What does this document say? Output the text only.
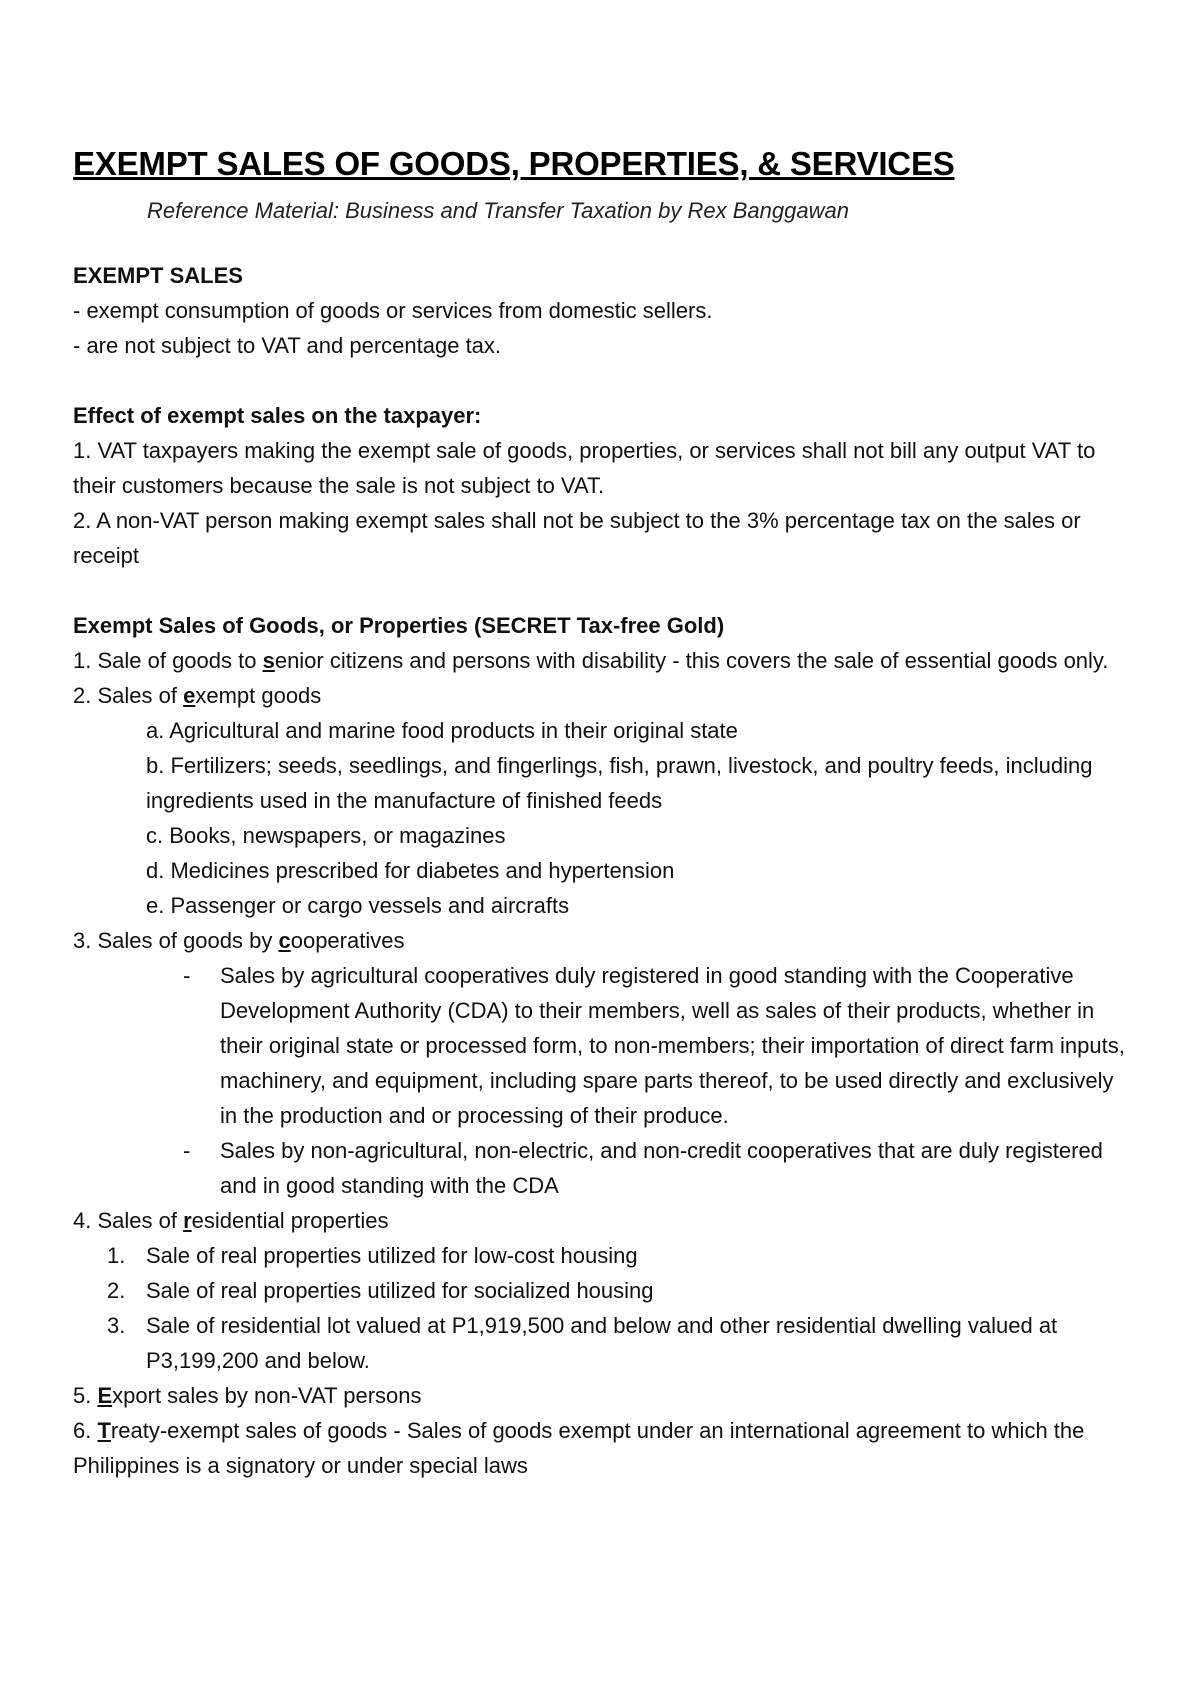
EXEMPT SALES OF GOODS, PROPERTIES, & SERVICES

Reference Material: Business and Transfer Taxation by Rex Banggawan

EXEMPT SALES

- exempt consumption of goods or services from domestic sellers.

- are not subject to VAT and percentage tax.

Effect of exempt sales on the taxpayer:

1. VAT taxpayers making the exempt sale of goods, properties, or services shall not bill any output VAT to their customers because the sale is not subject to VAT.

2. A non-VAT person making exempt sales shall not be subject to the 3% percentage tax on the sales or receipt

Exempt Sales of Goods, or Properties (SECRET Tax-free Gold)

1. Sale of goods to senior citizens and persons with disability - this covers the sale of essential goods only.

2. Sales of exempt goods

a. Agricultural and marine food products in their original state

b. Fertilizers; seeds, seedlings, and fingerlings, fish, prawn, livestock, and poultry feeds, including ingredients used in the manufacture of finished feeds

c. Books, newspapers, or magazines

d. Medicines prescribed for diabetes and hypertension

e. Passenger or cargo vessels and aircrafts

3. Sales of goods by cooperatives

-	Sales by agricultural cooperatives duly registered in good standing with the Cooperative Development Authority (CDA) to their members, well as sales of their products, whether in their original state or processed form, to non-members; their importation of direct farm inputs, machinery, and equipment, including spare parts thereof, to be used directly and exclusively in the production and or processing of their produce.
-	Sales by non-agricultural, non-electric, and non-credit cooperatives that are duly registered and in good standing with the CDA

4. Sales of residential properties

1. Sale of real properties utilized for low-cost housing
2. Sale of real properties utilized for socialized housing
3. Sale of residential lot valued at P1,919,500 and below and other residential dwelling valued at P3,199,200 and below.

5. Export sales by non-VAT persons

6. Treaty-exempt sales of goods - Sales of goods exempt under an international agreement to which the Philippines is a signatory or under special laws
